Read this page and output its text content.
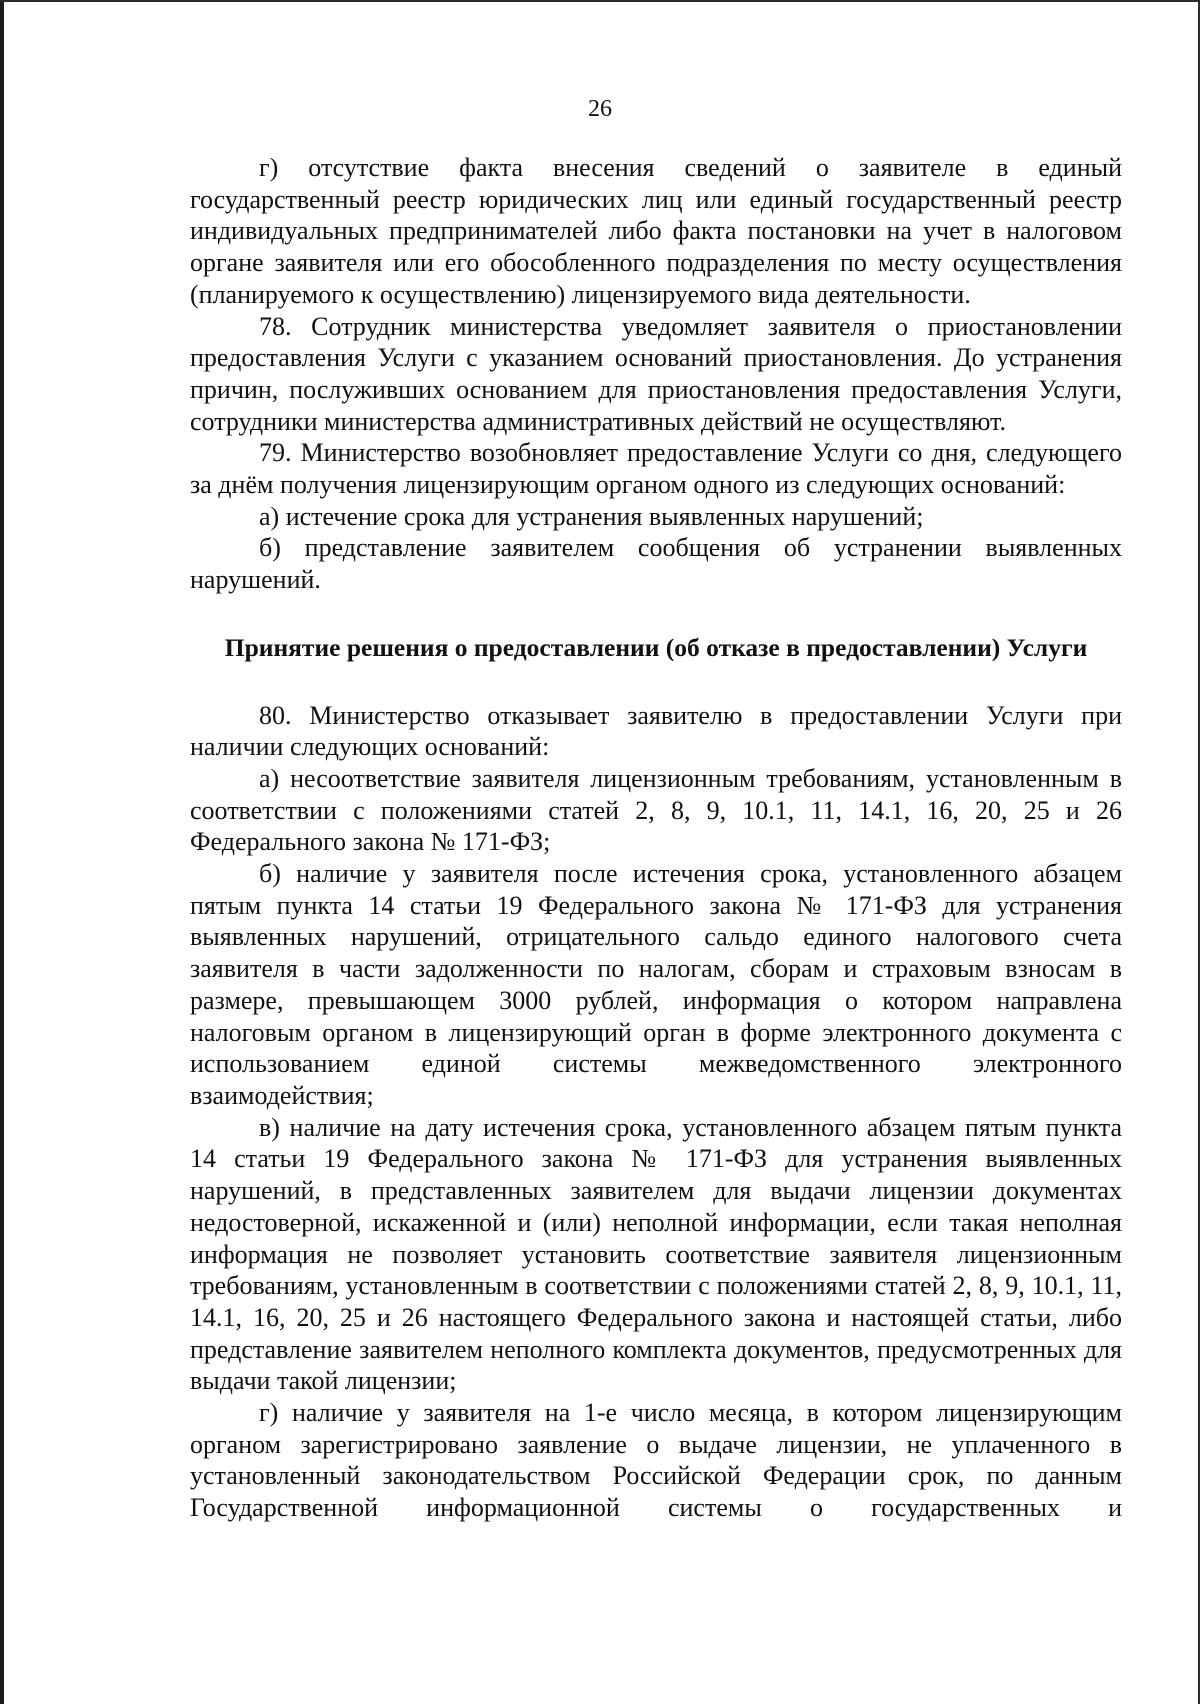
26

г) отсутствие факта внесения сведений о заявителе в единый государственный реестр юридических лиц или единый государственный реестр индивидуальных предпринимателей либо факта постановки на учет в налоговом органе заявителя или его обособленного подразделения по месту осуществления (планируемого к осуществлению) лицензируемого вида деятельности.

78. Сотрудник министерства уведомляет заявителя о приостановлении предоставления Услуги с указанием оснований приостановления. До устранения причин, послуживших основанием для приостановления предоставления Услуги, сотрудники министерства административных действий не осуществляют.

79. Министерство возобновляет предоставление Услуги со дня, следующего за днём получения лицензирующим органом одного из следующих оснований:

а) истечение срока для устранения выявленных нарушений;

б) представление заявителем сообщения об устранении выявленных нарушений.

Принятие решения о предоставлении (об отказе в предоставлении) Услуги

80. Министерство отказывает заявителю в предоставлении Услуги при наличии следующих оснований:

а) несоответствие заявителя лицензионным требованиям, установленным в соответствии с положениями статей 2, 8, 9, 10.1, 11, 14.1, 16, 20, 25 и 26 Федерального закона № 171-ФЗ;

б) наличие у заявителя после истечения срока, установленного абзацем пятым пункта 14 статьи 19 Федерального закона № 171-ФЗ для устранения выявленных нарушений, отрицательного сальдо единого налогового счета заявителя в части задолженности по налогам, сборам и страховым взносам в размере, превышающем 3000 рублей, информация о котором направлена налоговым органом в лицензирующий орган в форме электронного документа с использованием единой системы межведомственного электронного взаимодействия;

в) наличие на дату истечения срока, установленного абзацем пятым пункта 14 статьи 19 Федерального закона № 171-ФЗ для устранения выявленных нарушений, в представленных заявителем для выдачи лицензии документах недостоверной, искаженной и (или) неполной информации, если такая неполная информация не позволяет установить соответствие заявителя лицензионным требованиям, установленным в соответствии с положениями статей 2, 8, 9, 10.1, 11, 14.1, 16, 20, 25 и 26 настоящего Федерального закона и настоящей статьи, либо представление заявителем неполного комплекта документов, предусмотренных для выдачи такой лицензии;

г) наличие у заявителя на 1-е число месяца, в котором лицензирующим органом зарегистрировано заявление о выдаче лицензии, не уплаченного в установленный законодательством Российской Федерации срок, по данным Государственной информационной системы о государственных и
